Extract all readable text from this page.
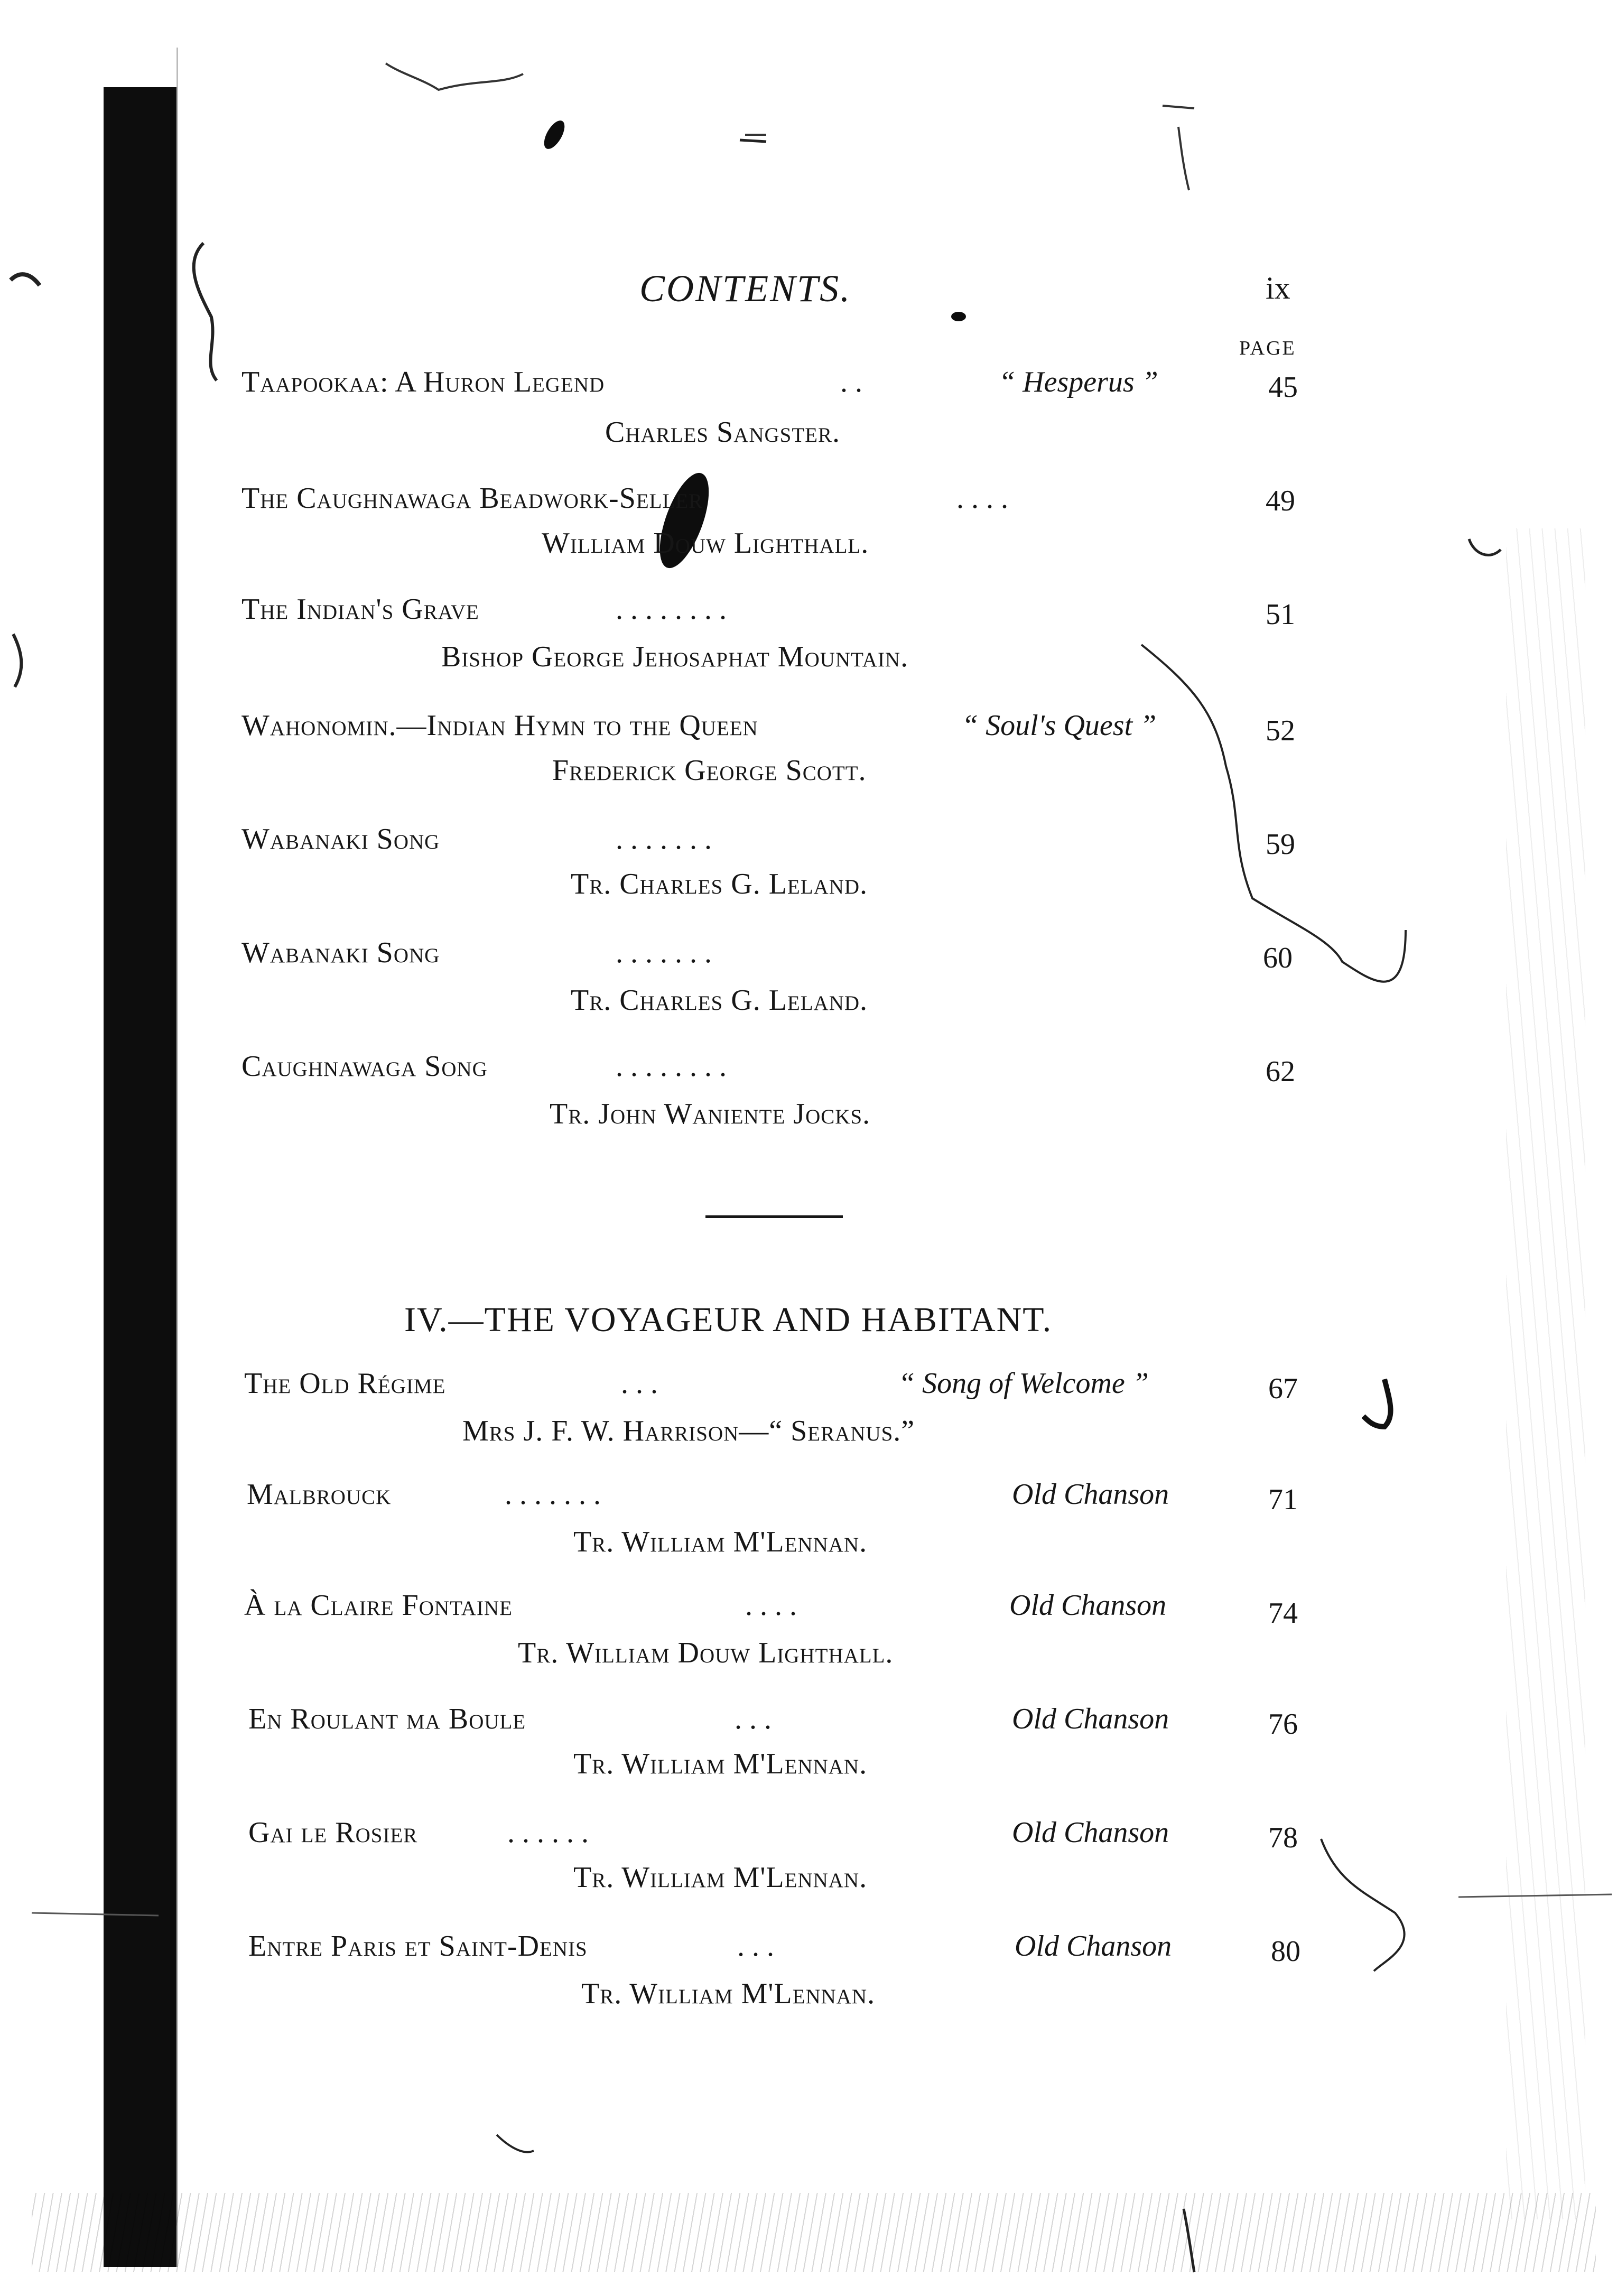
CONTENTS.	ix
PAGE
Taapookaa: A Huron Legend	. .	“ Hesperus ”	45
Charles Sangster.
The Caughnawaga Beadwork-Seller	. . . .	49
William Douw Lighthall.
The Indian's Grave	. . . . . . . .	51
Bishop George Jehosaphat Mountain.
Wahonomin.—Indian Hymn to the Queen	“ Soul's Quest ”	52
Frederick George Scott.
Wabanaki Song	. . . . . . .	59
Tr. Charles G. Leland.
Wabanaki Song	. . . . . . .	60
Tr. Charles G. Leland.
Caughnawaga Song	. . . . . . . .	62
Tr. John Waniente Jocks.
IV.—THE VOYAGEUR AND HABITANT.
The Old Régime	. . .	“ Song of Welcome ”	67
Mrs J. F. W. Harrison—“ Seranus.”
Malbrouck	. . . . . . .	Old Chanson	71
Tr. William M'Lennan.
À la Claire Fontaine	. . . .	Old Chanson	74
Tr. William Douw Lighthall.
En Roulant ma Boule	. . .	Old Chanson	76
Tr. William M'Lennan.
Gai le Rosier	. . . . . .	Old Chanson	78
Tr. William M'Lennan.
Entre Paris et Saint-Denis	. . .	Old Chanson	80
Tr. William M'Lennan.
